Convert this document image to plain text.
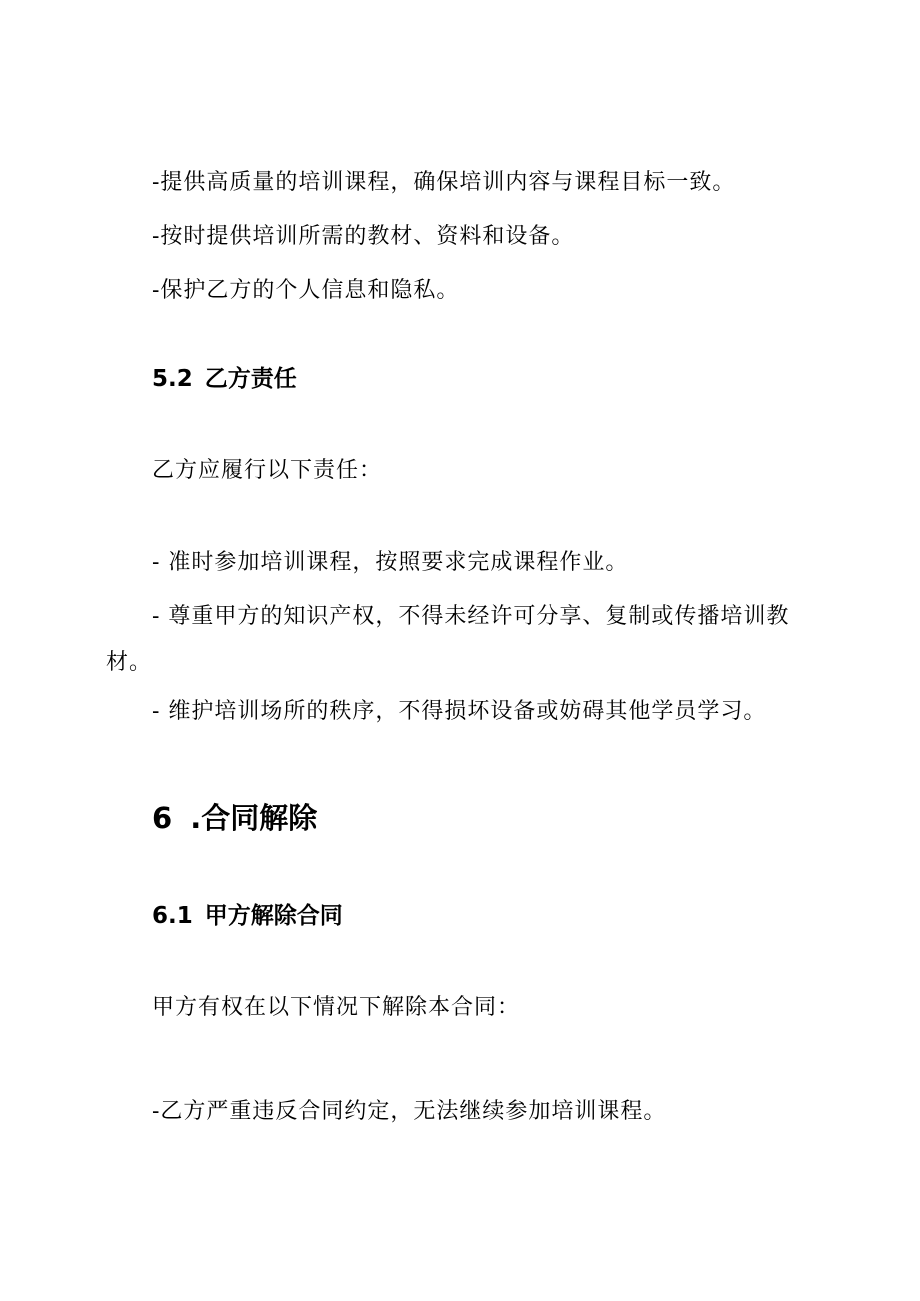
-提供高质量的培训课程，确保培训内容与课程目标一致。
-按时提供培训所需的教材、资料和设备。
-保护乙方的个人信息和隐私。
5.2 乙方责任
乙方应履行以下责任：
- 准时参加培训课程，按照要求完成课程作业。
- 尊重甲方的知识产权，不得未经许可分享、复制或传播培训教
材。
- 维护培训场所的秩序，不得损坏设备或妨碍其他学员学习。
6 .合同解除
6.1 甲方解除合同
甲方有权在以下情况下解除本合同：
-乙方严重违反合同约定，无法继续参加培训课程。
